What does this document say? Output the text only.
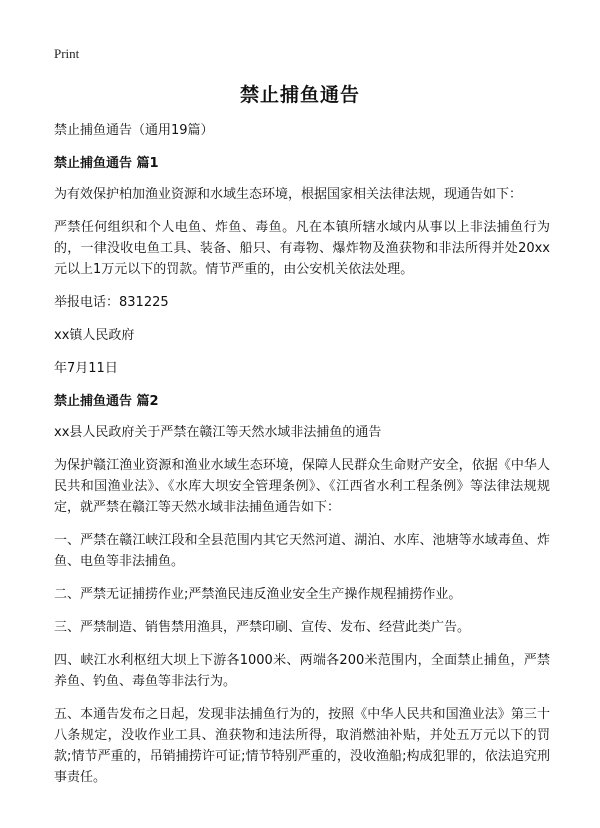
Print
禁止捕鱼通告

禁止捕鱼通告（通用19篇）

禁止捕鱼通告 篇1

为有效保护柏加渔业资源和水域生态环境，根据国家相关法律法规，现通告如下：

严禁任何组织和个人电鱼、炸鱼、毒鱼。凡在本镇所辖水域内从事以上非法捕鱼行为的，一律没收电鱼工具、装备、船只、有毒物、爆炸物及渔获物和非法所得并处20xx元以上1万元以下的罚款。情节严重的，由公安机关依法处理。

举报电话：831225

xx镇人民政府

年7月11日

禁止捕鱼通告 篇2

xx县人民政府关于严禁在赣江等天然水域非法捕鱼的通告

为保护赣江渔业资源和渔业水域生态环境，保障人民群众生命财产安全，依据《中华人民共和国渔业法》、《水库大坝安全管理条例》、《江西省水利工程条例》等法律法规规定，就严禁在赣江等天然水域非法捕鱼通告如下：

一、严禁在赣江峡江段和全县范围内其它天然河道、湖泊、水库、池塘等水域毒鱼、炸鱼、电鱼等非法捕鱼。

二、严禁无证捕捞作业;严禁渔民违反渔业安全生产操作规程捕捞作业。

三、严禁制造、销售禁用渔具，严禁印刷、宣传、发布、经营此类广告。

四、峡江水利枢纽大坝上下游各1000米、两端各200米范围内，全面禁止捕鱼，严禁养鱼、钓鱼、毒鱼等非法行为。

五、本通告发布之日起，发现非法捕鱼行为的，按照《中华人民共和国渔业法》第三十八条规定，没收作业工具、渔获物和违法所得，取消燃油补贴，并处五万元以下的罚款;情节严重的，吊销捕捞许可证;情节特别严重的，没收渔船;构成犯罪的，依法追究刑事责任。
